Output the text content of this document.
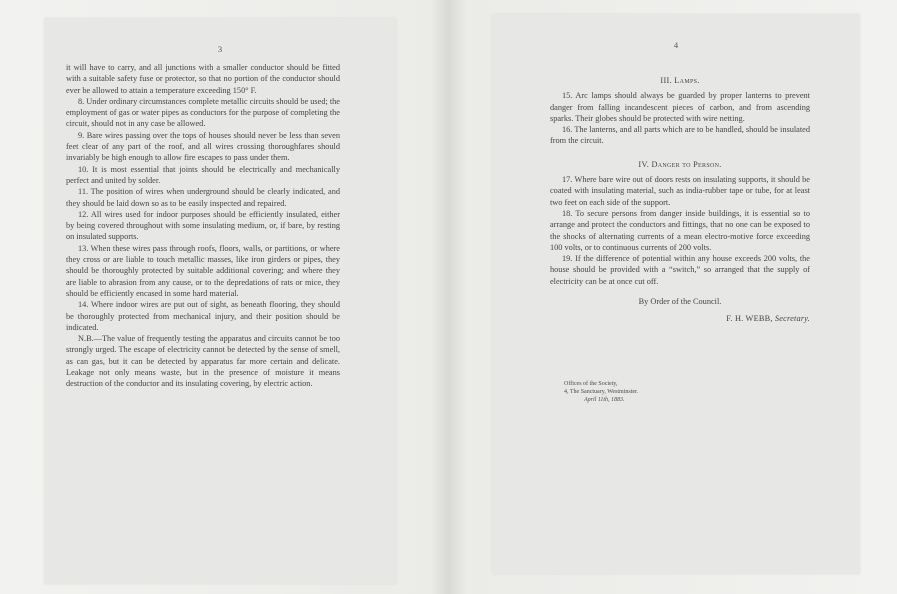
3

it will have to carry, and all junctions with a smaller conductor should be fitted with a suitable safety fuse or protector, so that no portion of the conductor should ever be allowed to attain a temperature exceeding 150° F.

8. Under ordinary circumstances complete metallic circuits should be used; the employment of gas or water pipes as conductors for the purpose of completing the circuit, should not in any case be allowed.

9. Bare wires passing over the tops of houses should never be less than seven feet clear of any part of the roof, and all wires crossing thoroughfares should invariably be high enough to allow fire escapes to pass under them.

10. It is most essential that joints should be electrically and mechanically perfect and united by solder.

11. The position of wires when underground should be clearly indicated, and they should be laid down so as to be easily inspected and repaired.

12. All wires used for indoor purposes should be efficiently insulated, either by being covered throughout with some insulating medium, or, if bare, by resting on insulated supports.

13. When these wires pass through roofs, floors, walls, or partitions, or where they cross or are liable to touch metallic masses, like iron girders or pipes, they should be thoroughly protected by suitable additional covering; and where they are liable to abrasion from any cause, or to the depredations of rats or mice, they should be efficiently encased in some hard material.

14. Where indoor wires are put out of sight, as beneath flooring, they should be thoroughly protected from mechanical injury, and their position should be indicated.

N.B.—The value of frequently testing the apparatus and circuits cannot be too strongly urged. The escape of electricity cannot be detected by the sense of smell, as can gas, but it can be detected by apparatus far more certain and delicate. Leakage not only means waste, but in the presence of moisture it means destruction of the conductor and its insulating covering, by electric action.

4
III. Lamps.

15. Arc lamps should always be guarded by proper lanterns to prevent danger from falling incandescent pieces of carbon, and from ascending sparks. Their globes should be protected with wire netting.

16. The lanterns, and all parts which are to be handled, should be insulated from the circuit.

IV. Danger to Person.

17. Where bare wire out of doors rests on insulating supports, it should be coated with insulating material, such as india-rubber tape or tube, for at least two feet on each side of the support.

18. To secure persons from danger inside buildings, it is essential so to arrange and protect the conductors and fittings, that no one can be exposed to the shocks of alternating currents of a mean electro-motive force exceeding 100 volts, or to continuous currents of 200 volts.

19. If the difference of potential within any house exceeds 200 volts, the house should be provided with a “switch,” so arranged that the supply of electricity can be at once cut off.

By Order of the Council.
F. H. WEBB, Secretary.
Offices of the Society,
4, The Sanctuary, Westminster.
April 11th, 1883.
